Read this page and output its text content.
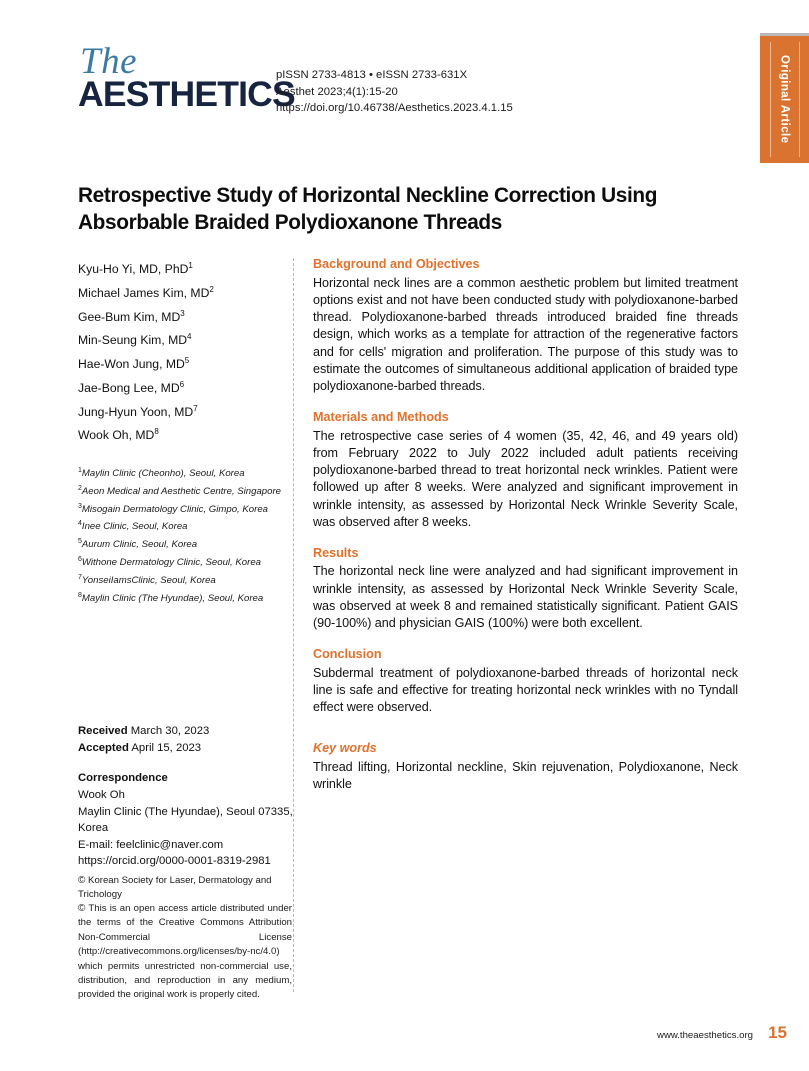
Original Article
The
AESTHETICS
pISSN 2733-4813 • eISSN 2733-631X
Aesthet 2023;4(1):15-20
https://doi.org/10.46738/Aesthetics.2023.4.1.15
Retrospective Study of Horizontal Neckline Correction Using Absorbable Braided Polydioxanone Threads
Kyu-Ho Yi, MD, PhD$^1$
Michael James Kim, $MD^2$
Gee-Bum Kim, $MD^3$
Min-Seung Kim, $MD^4$
Hae-Won Jung, $MD^5$
Jae-Bong Lee, $MD^6$
Jung-Hyun Yoon, $MD^7$
Wook Oh, $MD^8$
$^1$Maylin Clinic (Cheonho), Seoul, Korea
$^2$Aeon Medical and Aesthetic Centre, Singapore
$^3$Misogain Dermatology Clinic, Gimpo, Korea
$^4$Inee Clinic, Seoul, Korea
$^5$Aurum Clinic, Seoul, Korea
$^6$Withone Dermatology Clinic, Seoul, Korea
$^7$YonseiIamsClinic, Seoul, Korea
$^8$Maylin Clinic (The Hyundae), Seoul, Korea
Received March 30, 2023
Accepted April 15, 2023
Correspondence
Wook Oh
Maylin Clinic (The Hyundae), Seoul 07335, Korea
E-mail: feelclinic@naver.com
https://orcid.org/0000-0001-8319-2981
© Korean Society for Laser, Dermatology and Trichology
© This is an open access article distributed under the terms of the Creative Commons Attribution Non-Commercial License (http://creativecommons.org/licenses/by-nc/4.0) which permits unrestricted non-commercial use, distribution, and reproduction in any medium, provided the original work is properly cited.
Background and Objectives
Horizontal neck lines are a common aesthetic problem but limited treatment options exist and not have been conducted study with polydioxanone-barbed thread. Polydioxanone-barbed threads introduced braided fine threads design, which works as a template for attraction of the regenerative factors and for cells' migration and proliferation. The purpose of this study was to estimate the outcomes of simultaneous additional application of braided type polydioxanone-barbed threads.
Materials and Methods
The retrospective case series of 4 women (35, 42, 46, and 49 years old) from February 2022 to July 2022 included adult patients receiving polydioxanone-barbed thread to treat horizontal neck wrinkles. Patient were followed up after 8 weeks. Were analyzed and significant improvement in wrinkle intensity, as assessed by Horizontal Neck Wrinkle Severity Scale, was observed after 8 weeks.
Results
The horizontal neck line were analyzed and had significant improvement in wrinkle intensity, as assessed by Horizontal Neck Wrinkle Severity Scale, was observed at week 8 and remained statistically significant. Patient GAIS (90-100%) and physician GAIS (100%) were both excellent.
Conclusion
Subdermal treatment of polydioxanone-barbed threads of horizontal neck line is safe and effective for treating horizontal neck wrinkles with no Tyndall effect were observed.
Key words
Thread lifting, Horizontal neckline, Skin rejuvenation, Polydioxanone, Neck wrinkle
www.theaesthetics.org 15
